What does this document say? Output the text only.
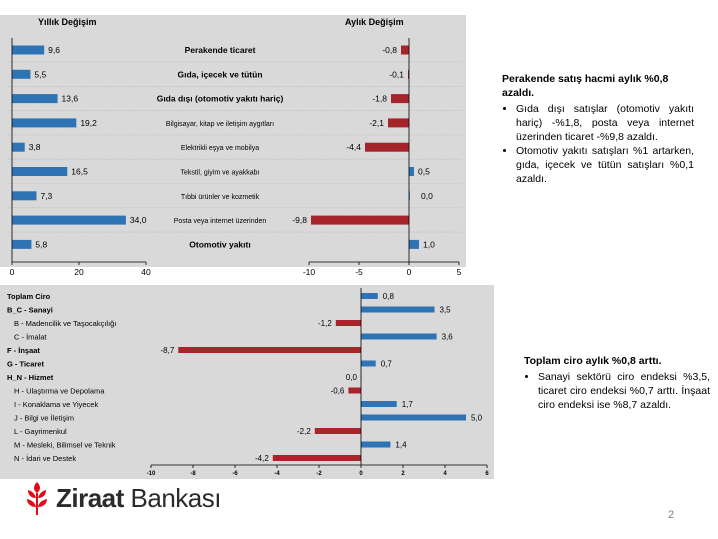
Yıllık Değişim	Aylık Değişim
9,6	Perakende ticaret	-0,8
5,5	Gıda, içecek ve tütün	-0,1
13,6	Gıda dışı (otomotiv yakıtı hariç)	-1,8
19,2	Bilgisayar, kitap ve iletişim aygıtları	-2,1
3,8	Elektrikli eşya ve mobilya	-4,4
16,5	Tekstil, giyim ve ayakkabı	0,5
7,3	Tıbbi ürünler ve kozmetik	0,0
34,0	Posta veya internet üzerinden	-9,8
5,8	Otomotiv yakıtı	1,0
0	20	40	-10	-5	0	5
Toplam Ciro	0,8
B_C - Sanayi	3,5
B - Madencilik ve Taşocakçılığı	-1,2
C - İmalat	3,6
F - İnşaat	-8,7
G - Ticaret	0,7
H_N - Hizmet	0,0
H - Ulaştırma ve Depolama	-0,6
I - Konaklama ve Yiyecek	1,7
J - Bilgi ve İletişim	5,0
L - Gayrimenkul	-2,2
M - Mesleki, Bilimsel ve Teknik	1,4
N - İdari ve Destek	-4,2
-10	-8	-6	-4	-2	0	2	4	6
Perakende satış hacmi aylık %0,8 azaldı.
• Gıda dışı satışlar (otomotiv yakıtı hariç) -%1,8, posta veya internet üzerinden ticaret -%9,8 azaldı.
• Otomotiv yakıtı satışları %1 artarken, gıda, içecek ve tütün satışları %0,1 azaldı.
Toplam ciro aylık %0,8 arttı.
• Sanayi sektörü ciro endeksi %3,5, ticaret ciro endeksi %0,7 arttı. İnşaat ciro endeksi ise %8,7 azaldı.
Ziraat Bankası
2
